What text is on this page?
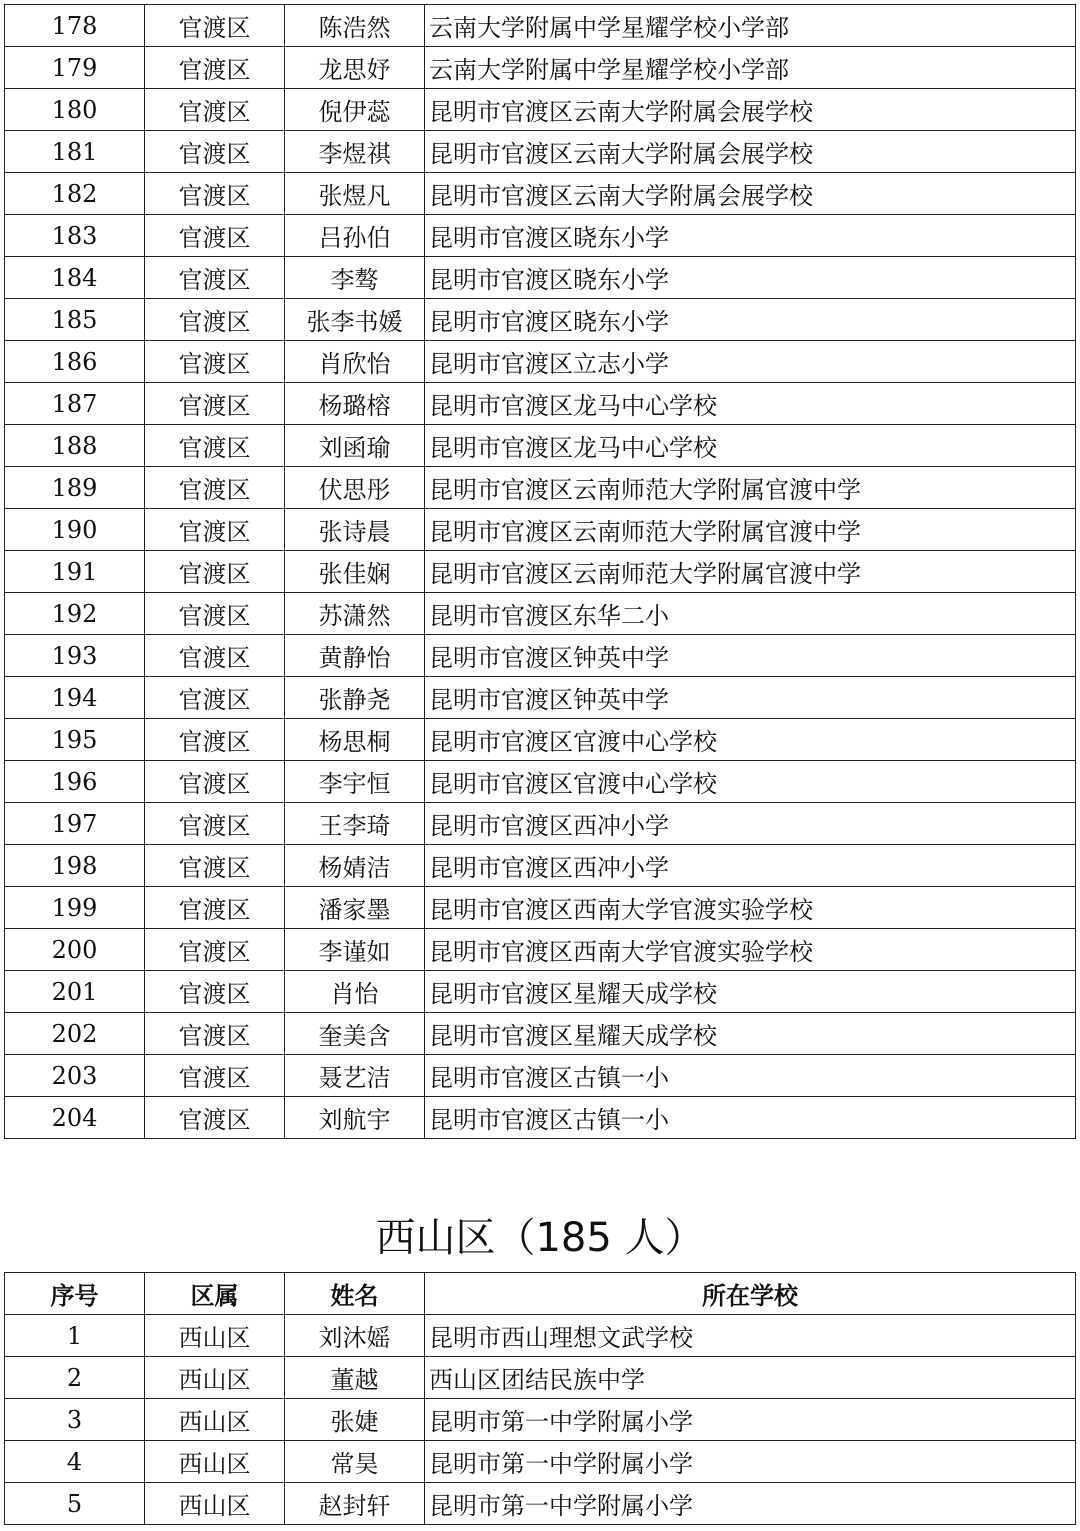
178	官渡区	陈浩然	云南大学附属中学星耀学校小学部
179	官渡区	龙思妤	云南大学附属中学星耀学校小学部
180	官渡区	倪伊蕊	昆明市官渡区云南大学附属会展学校
181	官渡区	李煜祺	昆明市官渡区云南大学附属会展学校
182	官渡区	张煜凡	昆明市官渡区云南大学附属会展学校
183	官渡区	吕孙伯	昆明市官渡区晓东小学
184	官渡区	李骜	昆明市官渡区晓东小学
185	官渡区	张李书媛	昆明市官渡区晓东小学
186	官渡区	肖欣怡	昆明市官渡区立志小学
187	官渡区	杨璐榕	昆明市官渡区龙马中心学校
188	官渡区	刘函瑜	昆明市官渡区龙马中心学校
189	官渡区	伏思彤	昆明市官渡区云南师范大学附属官渡中学
190	官渡区	张诗晨	昆明市官渡区云南师范大学附属官渡中学
191	官渡区	张佳娴	昆明市官渡区云南师范大学附属官渡中学
192	官渡区	苏潇然	昆明市官渡区东华二小
193	官渡区	黄静怡	昆明市官渡区钟英中学
194	官渡区	张静尧	昆明市官渡区钟英中学
195	官渡区	杨思桐	昆明市官渡区官渡中心学校
196	官渡区	李宇恒	昆明市官渡区官渡中心学校
197	官渡区	王李琦	昆明市官渡区西冲小学
198	官渡区	杨婧洁	昆明市官渡区西冲小学
199	官渡区	潘家墨	昆明市官渡区西南大学官渡实验学校
200	官渡区	李谨如	昆明市官渡区西南大学官渡实验学校
201	官渡区	肖怡	昆明市官渡区星耀天成学校
202	官渡区	奎美含	昆明市官渡区星耀天成学校
203	官渡区	聂艺洁	昆明市官渡区古镇一小
204	官渡区	刘航宇	昆明市官渡区古镇一小
西山区（185 人）
序号	区属	姓名	所在学校
1	西山区	刘沐媱	昆明市西山理想文武学校
2	西山区	董越	西山区团结民族中学
3	西山区	张婕	昆明市第一中学附属小学
4	西山区	常昊	昆明市第一中学附属小学
5	西山区	赵封轩	昆明市第一中学附属小学
